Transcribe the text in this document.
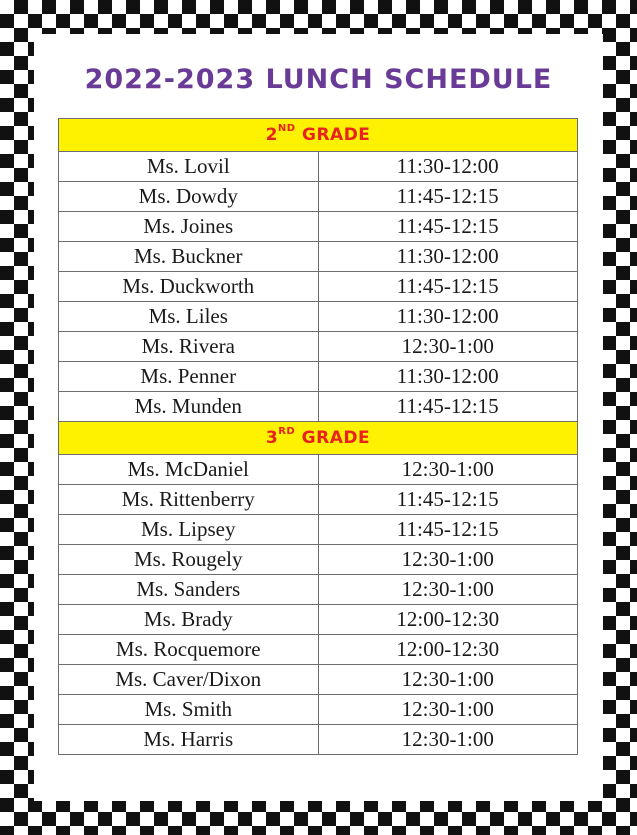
2022-2023 LUNCH SCHEDULE
2ND GRADE	
Ms. Lovil	11:30-12:00
Ms. Dowdy	11:45-12:15
Ms. Joines	11:45-12:15
Ms. Buckner	11:30-12:00
Ms. Duckworth	11:45-12:15
Ms. Liles	11:30-12:00
Ms. Rivera	12:30-1:00
Ms. Penner	11:30-12:00
Ms. Munden	11:45-12:15
3RD GRADE	
Ms. McDaniel	12:30-1:00
Ms. Rittenberry	11:45-12:15
Ms. Lipsey	11:45-12:15
Ms. Rougely	12:30-1:00
Ms. Sanders	12:30-1:00
Ms. Brady	12:00-12:30
Ms. Rocquemore	12:00-12:30
Ms. Caver/Dixon	12:30-1:00
Ms. Smith	12:30-1:00
Ms. Harris	12:30-1:00
